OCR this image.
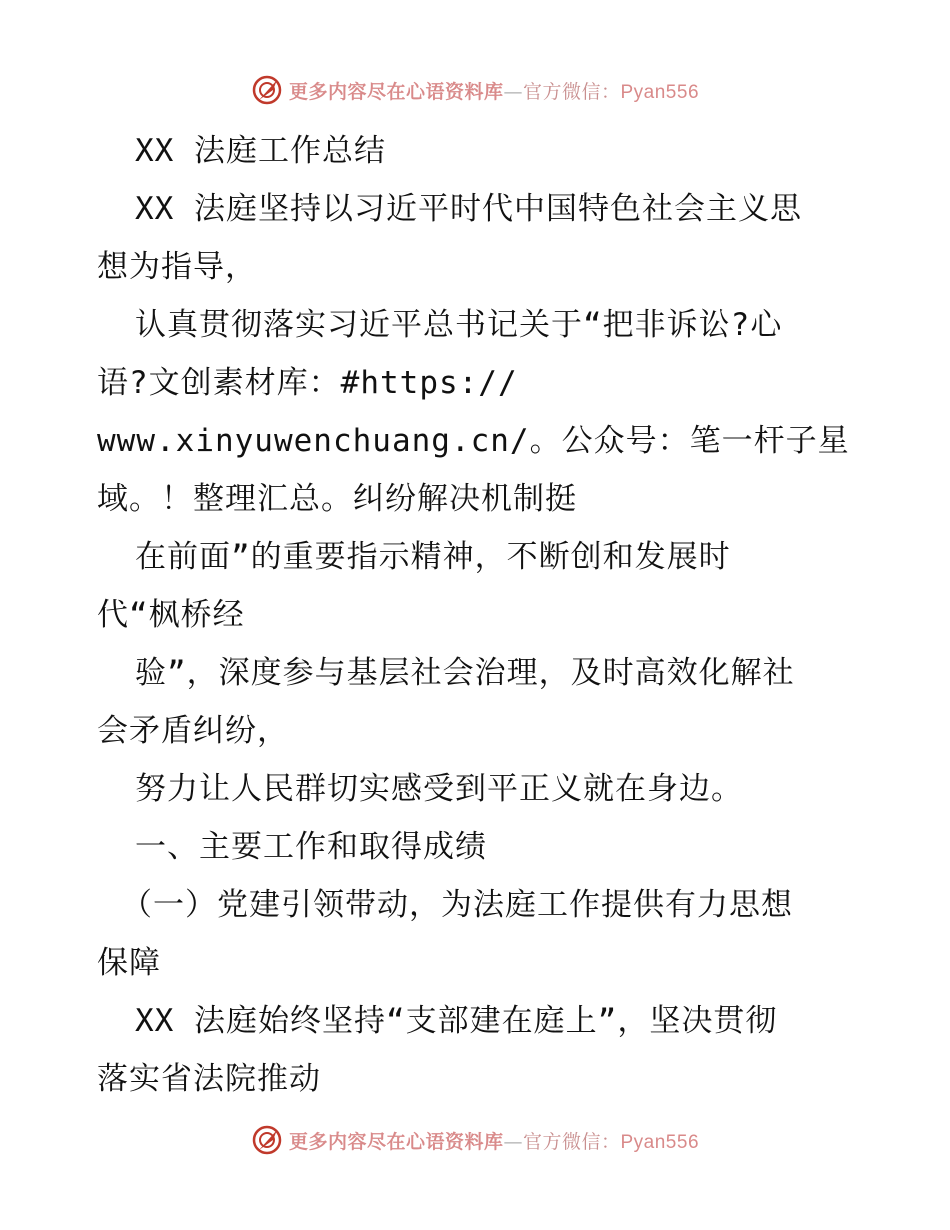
更多内容尽在心语资料库—官方微信：Pyan556
XX 法庭工作总结
XX 法庭坚持以习近平时代中国特色社会主义思
想为指导，
认真贯彻落实习近平总书记关于“把非诉讼?心
语?文创素材库：#https://
www.xinyuwenchuang.cn/。公众号：笔一杆子星
域。！整理汇总。纠纷解决机制挺
在前面”的重要指示精神，不断创和发展时
代“枫桥经
验”，深度参与基层社会治理，及时高效化解社
会矛盾纠纷，
努力让人民群切实感受到平正义就在身边。
一、主要工作和取得成绩
（一）党建引领带动，为法庭工作提供有力思想
保障
XX 法庭始终坚持“支部建在庭上”，坚决贯彻
落实省法院推动
更多内容尽在心语资料库—官方微信：Pyan556
